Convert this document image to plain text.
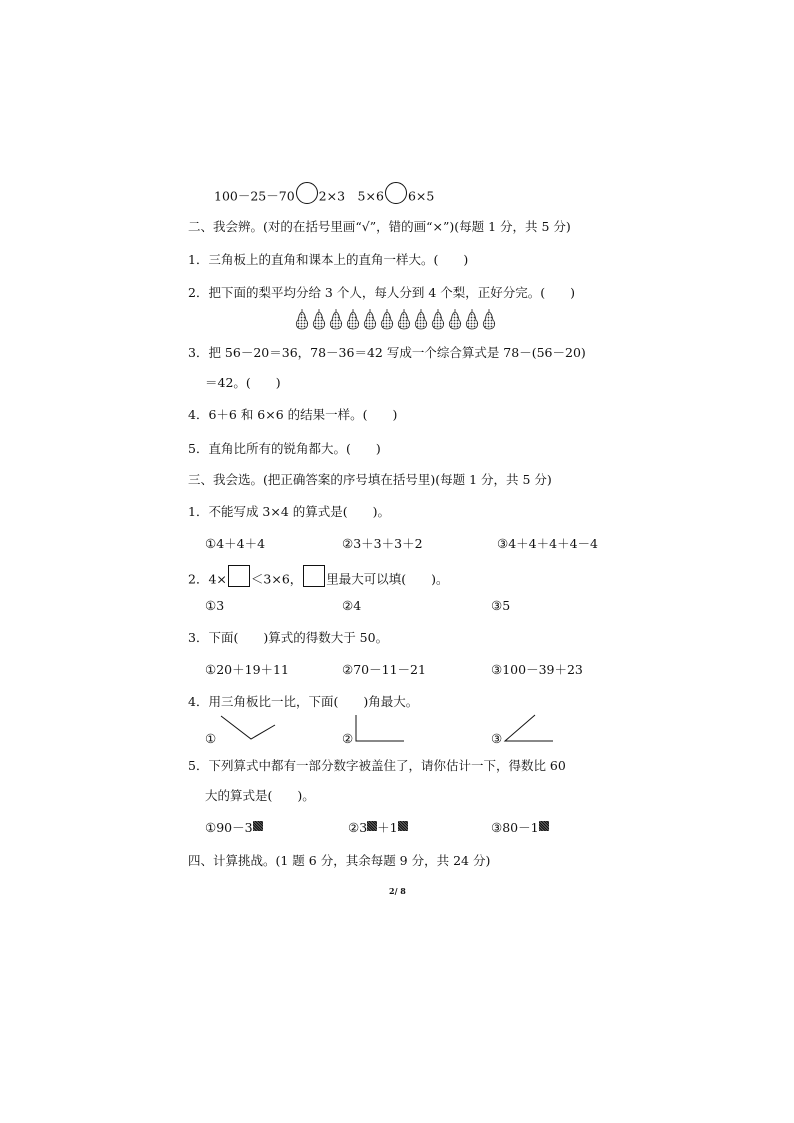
100－25－70 2×3　5×6 6×5
二、我会辨。(对的在括号里画“√”，错的画“×”)(每题 1 分，共 5 分)
1．三角板上的直角和课本上的直角一样大。(　　)
2．把下面的梨平均分给 3 个人，每人分到 4 个梨，正好分完。(　　)
3．把 56－20＝36，78－36＝42 写成一个综合算式是 78－(56－20)
＝42。(　　)
4．6＋6 和 6×6 的结果一样。(　　)
5．直角比所有的锐角都大。(　　)
三、我会选。(把正确答案的序号填在括号里)(每题 1 分，共 5 分)
1．不能写成 3×4 的算式是(　　)。
①4＋4＋4	②3＋3＋3＋2	③4＋4＋4＋4－4
2．4× ＜3×6， 里最大可以填(　　)。
①3	②4	③5
3．下面(　　)算式的得数大于 50。
①20＋19＋11	②70－11－21	③100－39＋23
4．用三角板比一比，下面(　　)角最大。
①	②	③
5．下列算式中都有一部分数字被盖住了，请你估计一下，得数比 60
大的算式是(　　)。
①90－3	②3 ＋1	③80－1
四、计算挑战。(1 题 6 分，其余每题 9 分，共 24 分)
2/ 8
